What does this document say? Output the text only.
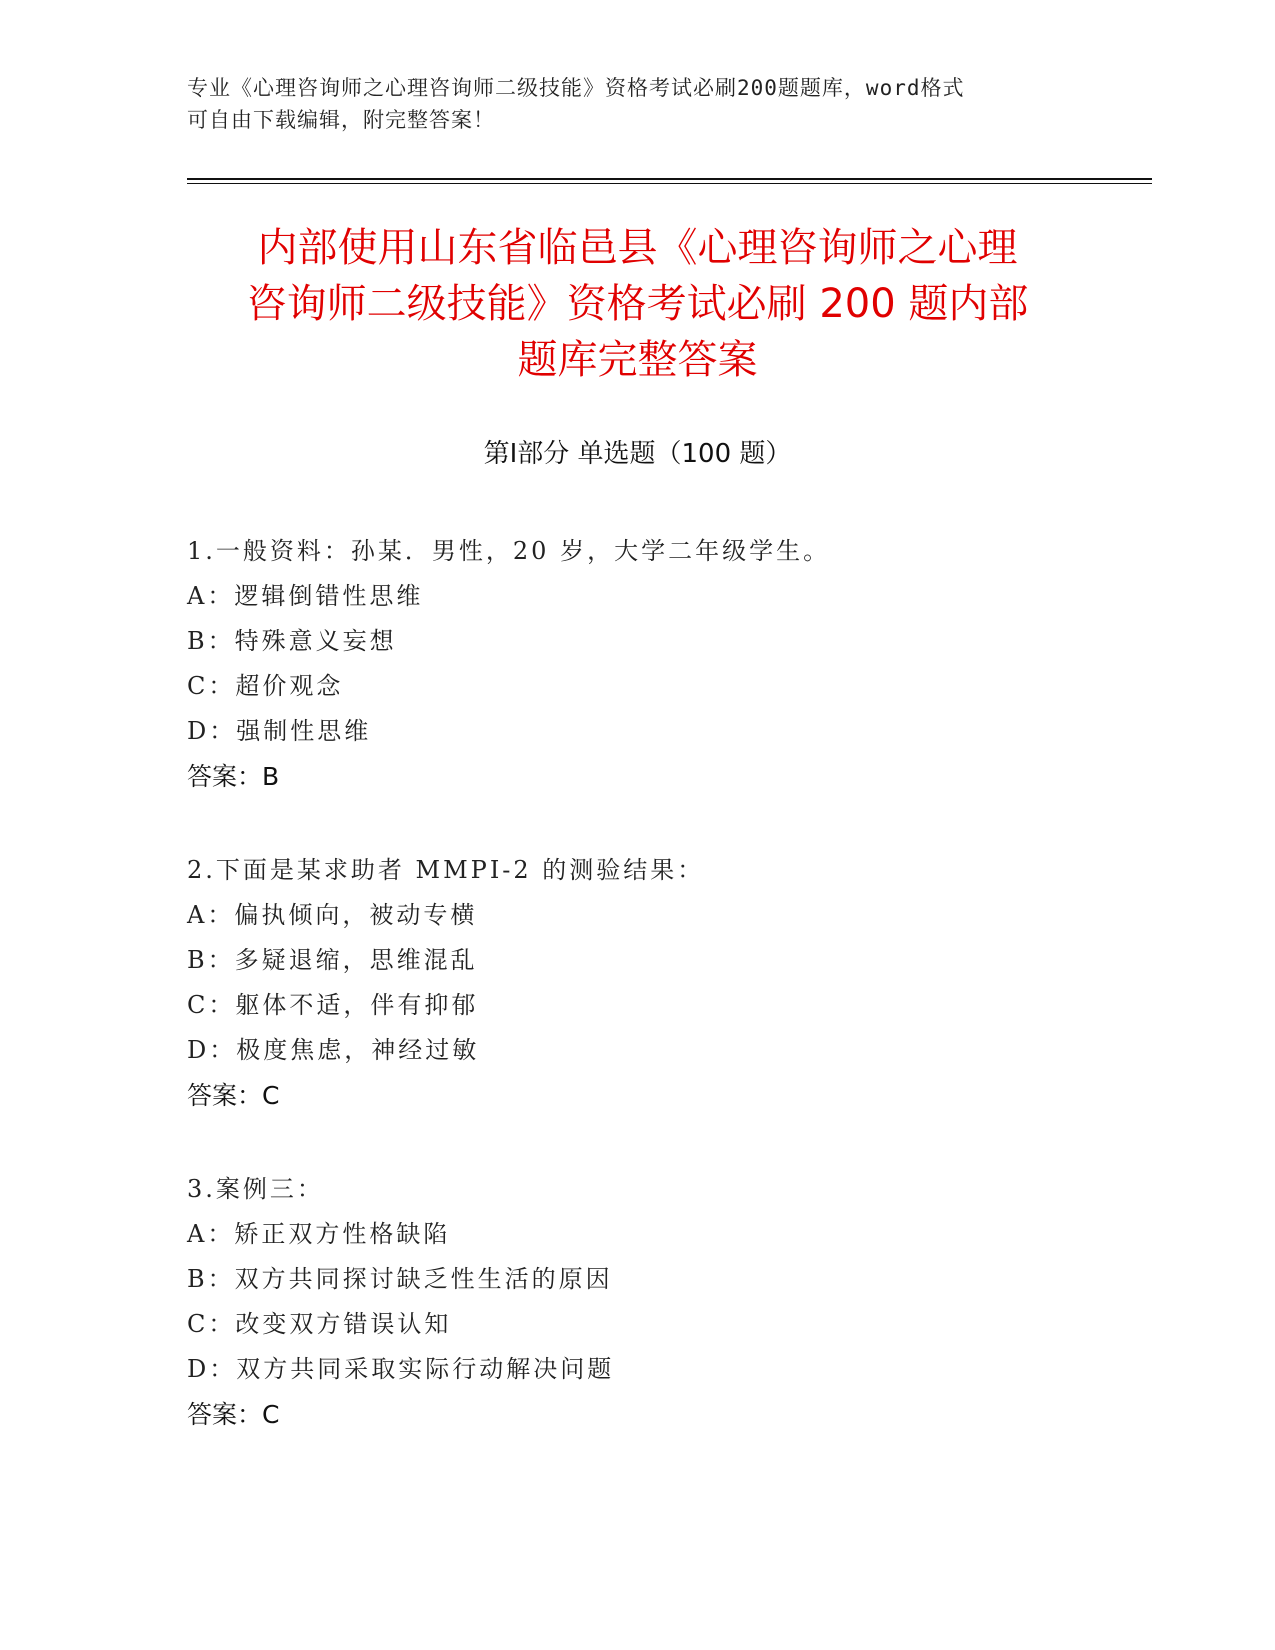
专业《心理咨询师之心理咨询师二级技能》资格考试必刷200题题库，word格式
可自由下载编辑，附完整答案！
内部使用山东省临邑县《心理咨询师之心理
咨询师二级技能》资格考试必刷 200 题内部
题库完整答案
第Ⅰ部分 单选题（100 题）
1.一般资料：孙某．男性，20 岁，大学二年级学生。
A：逻辑倒错性思维
B：特殊意义妄想
C：超价观念
D：强制性思维
答案：B
2.下面是某求助者 MMPI-2 的测验结果：
A：偏执倾向，被动专横
B：多疑退缩，思维混乱
C：躯体不适，伴有抑郁
D：极度焦虑，神经过敏
答案：C
3.案例三：
A：矫正双方性格缺陷
B：双方共同探讨缺乏性生活的原因
C：改变双方错误认知
D：双方共同采取实际行动解决问题
答案：C
